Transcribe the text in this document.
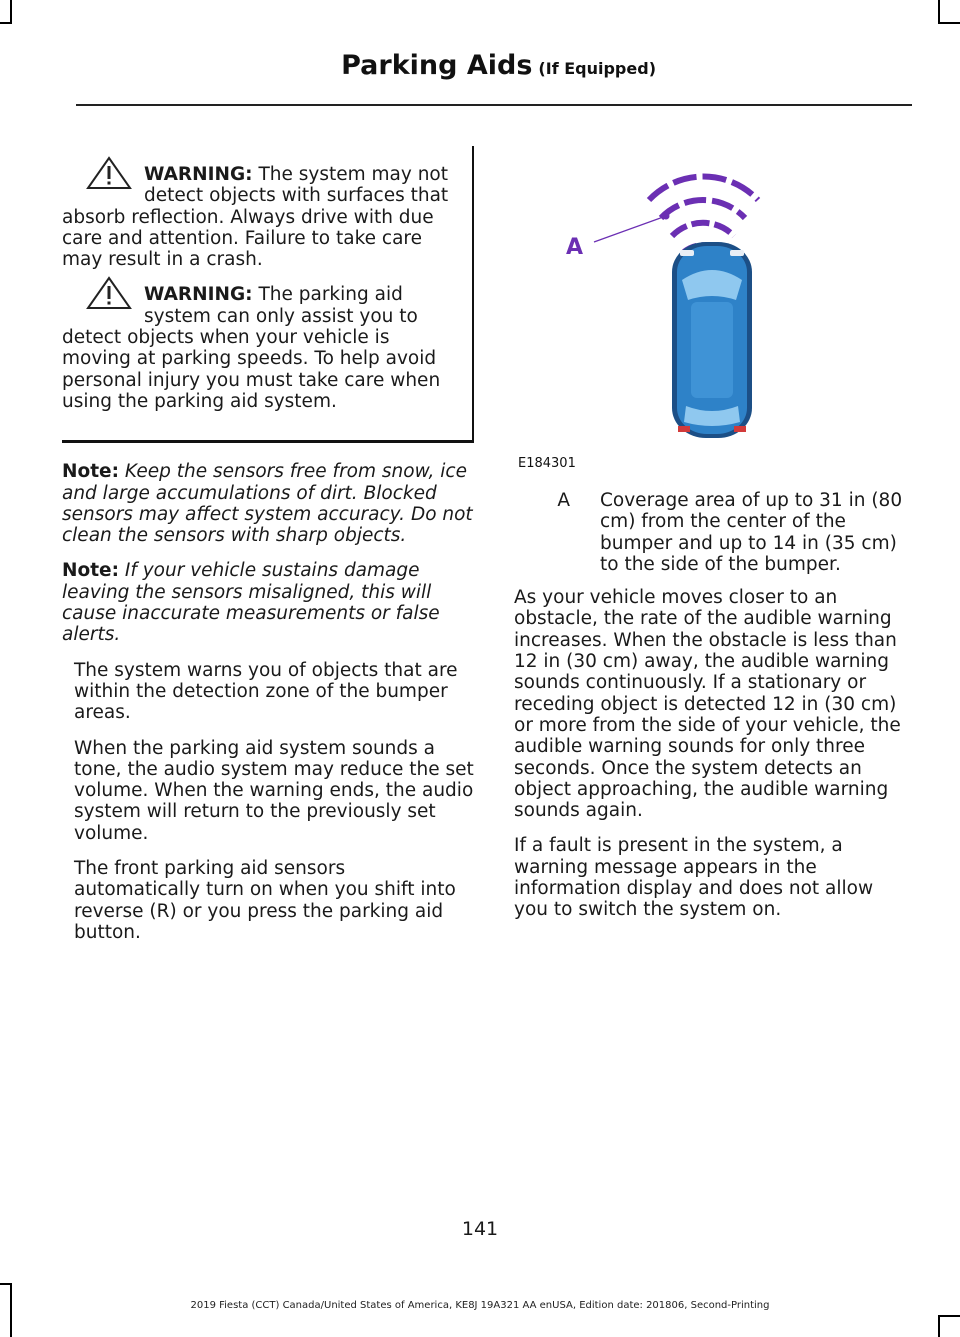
Parking Aids (If Equipped)

WARNING: The system may not detect objects with surfaces that absorb reflection. Always drive with due care and attention. Failure to take care may result in a crash.

WARNING: The parking aid system can only assist you to detect objects when your vehicle is moving at parking speeds. To help avoid personal injury you must take care when using the parking aid system.

Note: Keep the sensors free from snow, ice and large accumulations of dirt. Blocked sensors may affect system accuracy. Do not clean the sensors with sharp objects.

Note: If your vehicle sustains damage leaving the sensors misaligned, this will cause inaccurate measurements or false alerts.

The system warns you of objects that are within the detection zone of the bumper areas.

When the parking aid system sounds a tone, the audio system may reduce the set volume. When the warning ends, the audio system will return to the previously set volume.

The front parking aid sensors automatically turn on when you shift into reverse (R) or you press the parking aid button.

A
E184301
A	Coverage area of up to 31 in (80 cm) from the center of the bumper and up to 14 in (35 cm) to the side of the bumper.

As your vehicle moves closer to an obstacle, the rate of the audible warning increases. When the obstacle is less than 12 in (30 cm) away, the audible warning sounds continuously. If a stationary or receding object is detected 12 in (30 cm) or more from the side of your vehicle, the audible warning sounds for only three seconds. Once the system detects an object approaching, the audible warning sounds again.

If a fault is present in the system, a warning message appears in the information display and does not allow you to switch the system on.

141
2019 Fiesta (CCT) Canada/United States of America, KE8J 19A321 AA enUSA, Edition date: 201806, Second-Printing
